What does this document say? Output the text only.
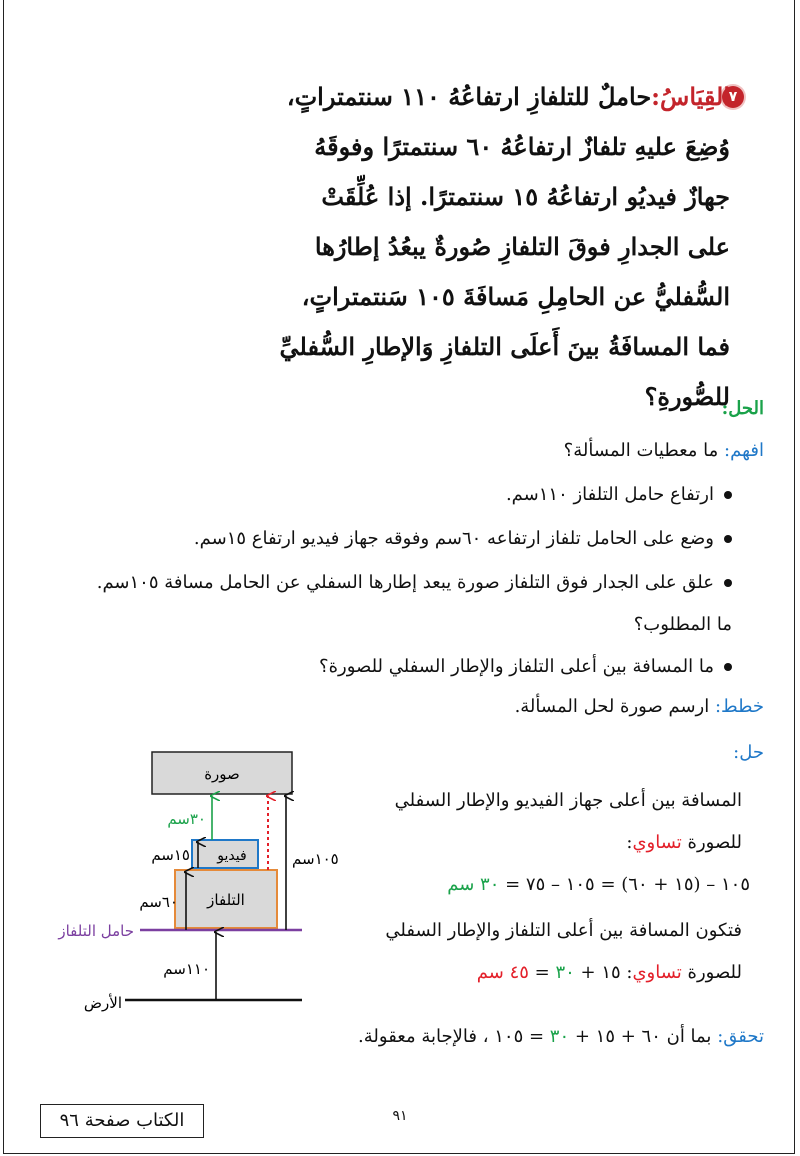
٧
القِيَاسُ:حاملٌ للتلفازِ ارتفاعُهُ ١١٠ سنتمتراتٍ،
وُضِعَ عليهِ تلفازٌ ارتفاعُهُ ٦٠ سنتمترًا وفوقَهُ
جهازٌ فيديُو ارتفاعُهُ ١٥ سنتمترًا. إذا عُلِّقَتْ
على الجدارِ فوقَ التلفازِ صُورةٌ يبعُدُ إطارُها
السُّفليُّ عن الحامِلِ مَسافَةَ ١٠٥ سَنتمتراتٍ،
فما المسافَةُ بينَ أَعلَى التلفازِ وَالإطارِ السُّفليِّ
للصُّورةِ؟
الحل:
افهم: ما معطيات المسألة؟
ارتفاع حامل التلفاز ١١٠سم.
وضع على الحامل تلفاز ارتفاعه ٦٠سم وفوقه جهاز فيديو ارتفاع ١٥سم.
علق على الجدار فوق التلفاز صورة يبعد إطارها السفلي عن الحامل مسافة ١٠٥سم.
ما المطلوب؟
ما المسافة بين أعلى التلفاز والإطار السفلي للصورة؟
خطط: ارسم صورة لحل المسألة.
حل:
المسافة بين أعلى جهاز الفيديو والإطار السفلي
للصورة تساوي:
١٠٥ – (١٥ + ٦٠) = ١٠٥ – ٧٥ = ٣٠ سم
فتكون المسافة بين أعلى التلفاز والإطار السفلي
للصورة تساوي: ١٥ + ٣٠ = ٤٥ سم
تحقق: بما أن ٦٠ + ١٥ + ٣٠ = ١٠٥ ، فالإجابة معقولة.
صورة
فيديو
التلفاز
حامل التلفاز
الأرض
١١٠سم
٦٠سم
١٥سم
٣٠سم
١٠٥سم
الكتاب صفحة ٩٦	٩١
